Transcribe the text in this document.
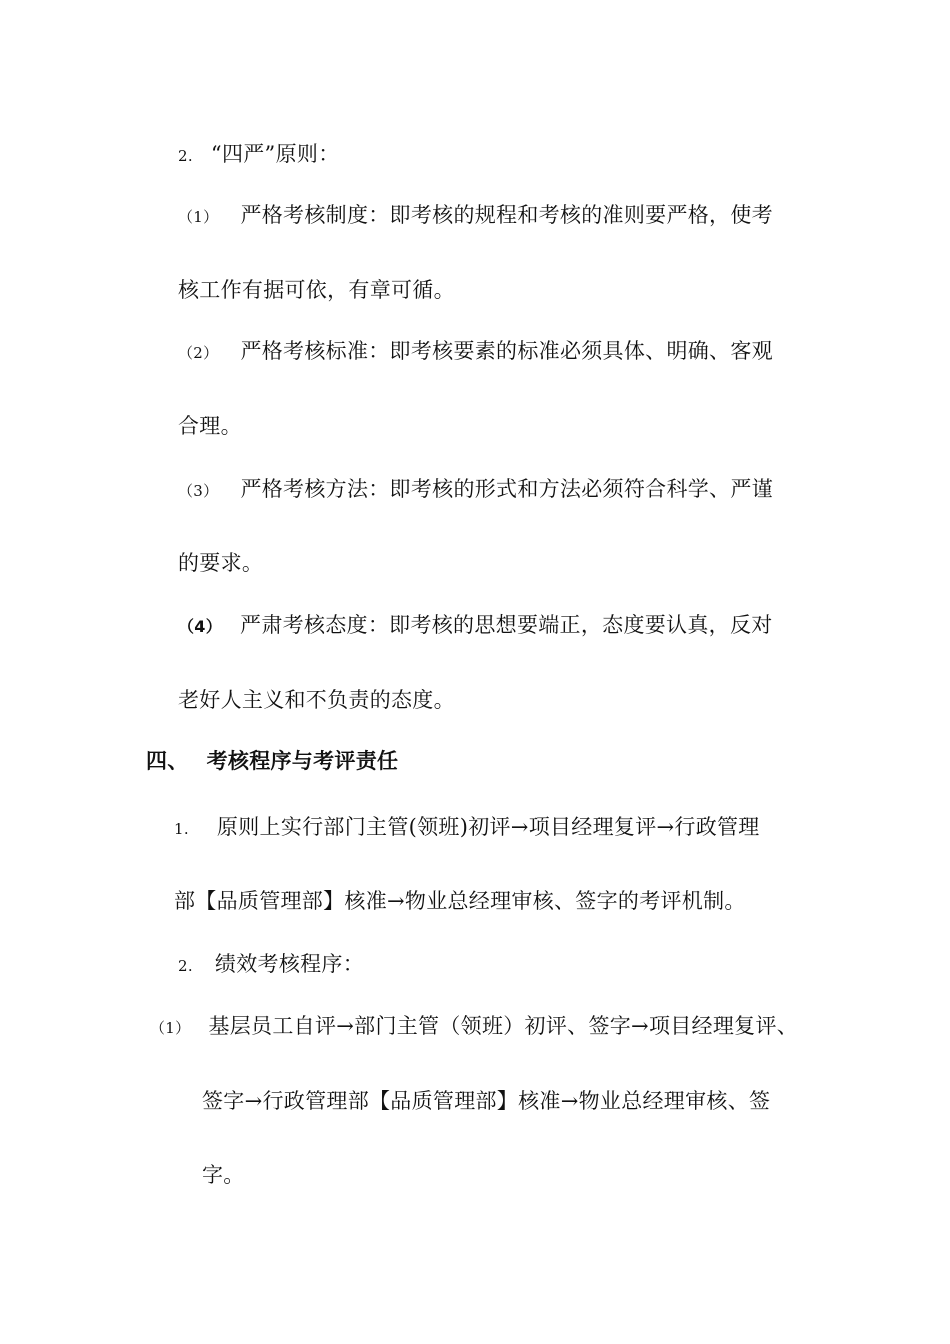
2. “四严”原则：
（1） 严格考核制度：即考核的规程和考核的准则要严格，使考
核工作有据可依，有章可循。
（2） 严格考核标准：即考核要素的标准必须具体、明确、客观
合理。
（3） 严格考核方法：即考核的形式和方法必须符合科学、严谨
的要求。
（4） 严肃考核态度：即考核的思想要端正，态度要认真，反对
老好人主义和不负责的态度。
四、 考核程序与考评责任
1. 原则上实行部门主管(领班)初评→项目经理复评→行政管理
部【品质管理部】核准→物业总经理审核、签字的考评机制。
2. 绩效考核程序：
（1） 基层员工自评→部门主管（领班）初评、签字→项目经理复评、
签字→行政管理部【品质管理部】核准→物业总经理审核、签
字。
